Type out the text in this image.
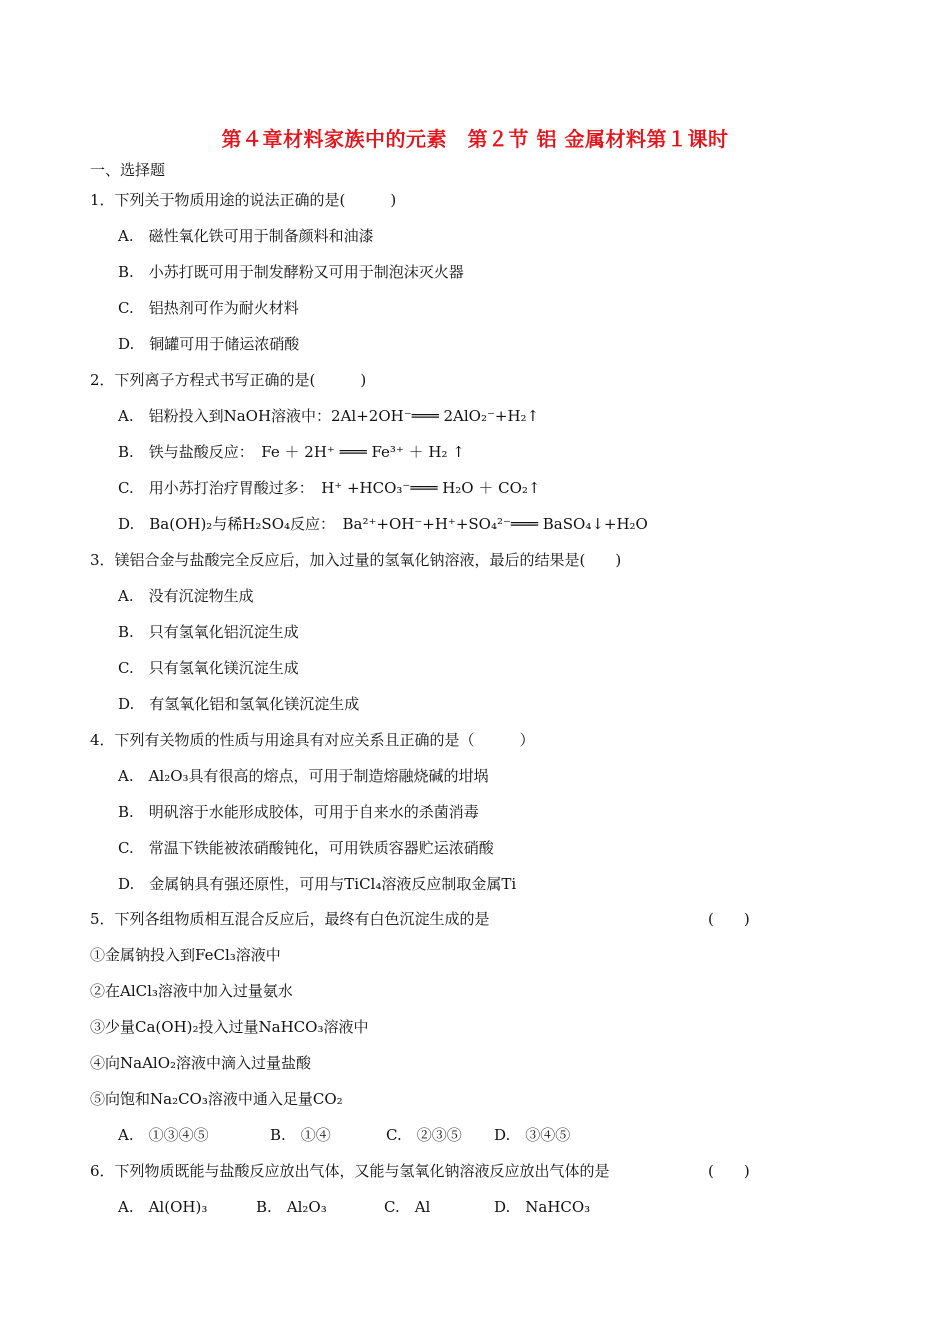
第４章材料家族中的元素　第２节 铝 金属材料第１课时
一、选择题
1．下列关于物质用途的说法正确的是(　　　)
A.　磁性氧化铁可用于制备颜料和油漆
B.　小苏打既可用于制发酵粉又可用于制泡沫灭火器
C.　铝热剂可作为耐火材料
D.　铜罐可用于储运浓硝酸
2．下列离子方程式书写正确的是(　　　)
A.　铝粉投入到NaOH溶液中：2Al+2OH⁻═══ 2AlO₂⁻+H₂↑
B.　铁与盐酸反应：　Fe ＋ 2H⁺ ═══ Fe³⁺ ＋ H₂ ↑
C.　用小苏打治疗胃酸过多：　H⁺ +HCO₃⁻═══ H₂O ＋ CO₂↑
D.　Ba(OH)₂与稀H₂SO₄反应：　Ba²⁺+OH⁻+H⁺+SO₄²⁻═══ BaSO₄↓+H₂O
3．镁铝合金与盐酸完全反应后，加入过量的氢氧化钠溶液，最后的结果是(　　)
A.　没有沉淀物生成
B.　只有氢氧化铝沉淀生成
C.　只有氢氧化镁沉淀生成
D.　有氢氧化铝和氢氧化镁沉淀生成
4．下列有关物质的性质与用途具有对应关系且正确的是（　　　）
A.　Al₂O₃具有很高的熔点，可用于制造熔融烧碱的坩埚
B.　明矾溶于水能形成胶体，可用于自来水的杀菌消毒
C.　常温下铁能被浓硝酸钝化，可用铁质容器贮运浓硝酸
D.　金属钠具有强还原性，可用与TiCl₄溶液反应制取金属Ti
5．下列各组物质相互混合反应后，最终有白色沉淀生成的是	(　　)
①金属钠投入到FeCl₃溶液中
②在AlCl₃溶液中加入过量氨水
③少量Ca(OH)₂投入过量NaHCO₃溶液中
④向NaAlO₂溶液中滴入过量盐酸
⑤向饱和Na₂CO₃溶液中通入足量CO₂
A.　①③④⑤	B.　①④	C.　②③⑤ D.　③④⑤
6．下列物质既能与盐酸反应放出气体，又能与氢氧化钠溶液反应放出气体的是	(　　)
A.　Al(OH)₃	B.　Al₂O₃	C.　Al	D.　NaHCO₃
